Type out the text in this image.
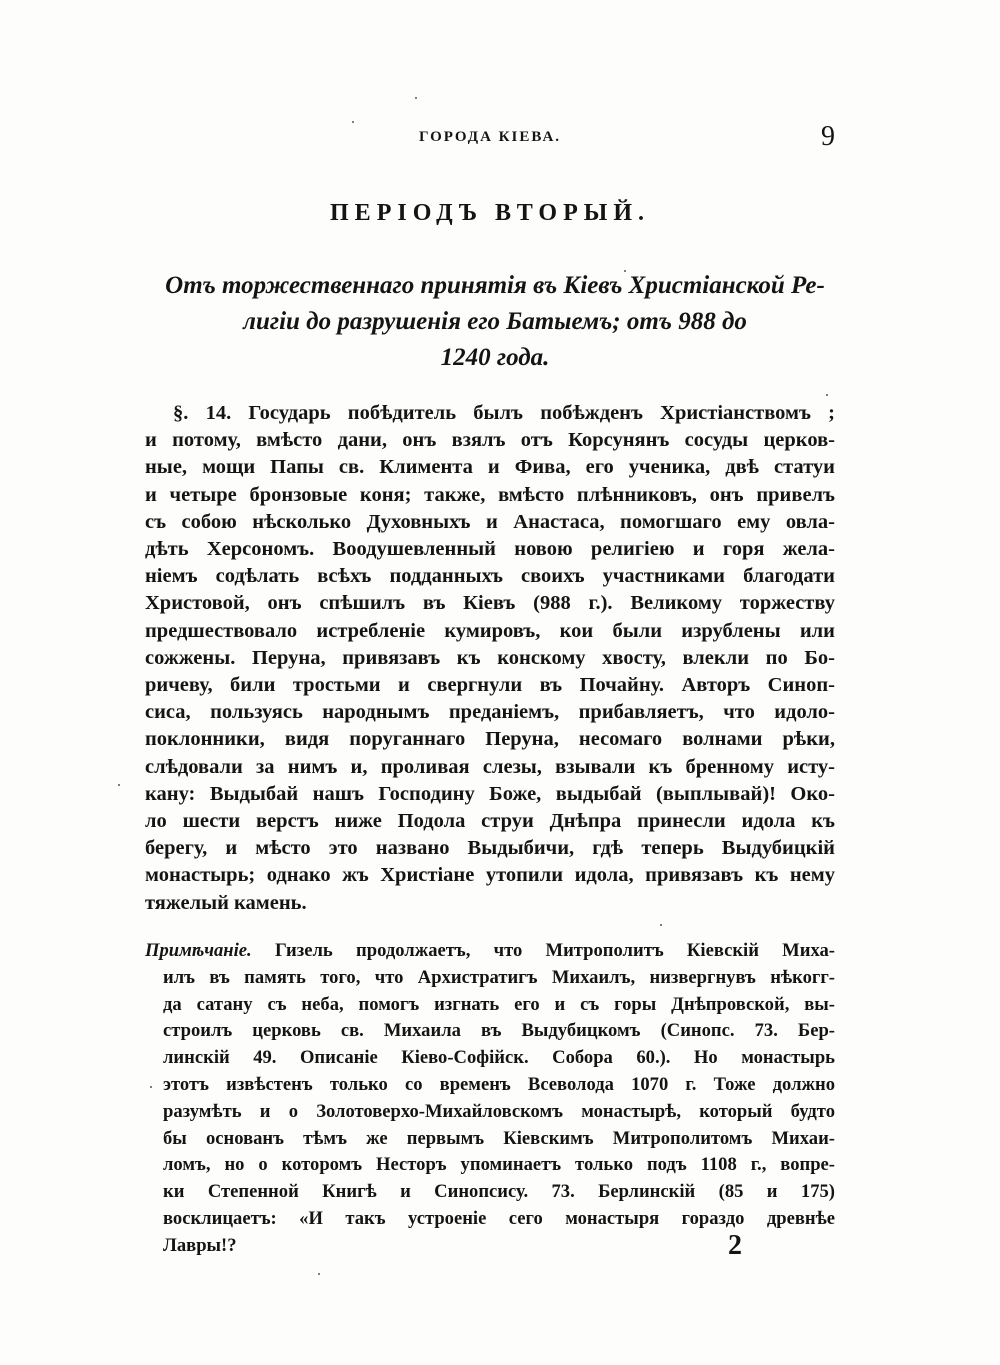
ГОРОДА КІЕВА.	9
ПЕРІОДЪ ВТОРЫЙ.
Отъ торжественнаго принятія въ Кіевъ Христіанской Ре-
лигіи до разрушенія его Батыемъ; отъ 988 до
1240 года.
§. 14. Государь побѣдитель былъ побѣжденъ Христіанствомъ ;
и потому, вмѣсто дани, онъ взялъ отъ Корсунянъ сосуды церков-
ные, мощи Папы св. Климента и Фива, его ученика, двѣ статуи
и четыре бронзовые коня; также, вмѣсто плѣнниковъ, онъ привелъ
съ собою нѣсколько Духовныхъ и Анастаса, помогшаго ему овла-
дѣть Херсономъ. Воодушевленный новою религіею и горя жела-
ніемъ содѣлать всѣхъ подданныхъ своихъ участниками благодати
Христовой, онъ спѣшилъ въ Кіевъ (988 г.). Великому торжеству
предшествовало истребленіе кумировъ, кои были изрублены или
сожжены. Перуна, привязавъ къ конскому хвосту, влекли по Бо-
ричеву, били тростьми и свергнули въ Почайну. Авторъ Синоп-
сиса, пользуясь народнымъ преданіемъ, прибавляетъ, что идоло-
поклонники, видя поруганнаго Перуна, несомаго волнами рѣки,
слѣдовали за нимъ и, проливая слезы, взывали къ бренному исту-
кану: Выдыбай нашъ Господину Боже, выдыбай (выплывай)! Око-
ло шести верстъ ниже Подола струи Днѣпра принесли идола къ
берегу, и мѣсто это названо Выдыбичи, гдѣ теперь Выдубицкій
монастырь; однако жъ Христіане утопили идола, привязавъ къ нему
тяжелый камень.
Примѣчаніе. Гизель продолжаетъ, что Митрополитъ Кіевскій Миха-
илъ въ память того, что Архистратигъ Михаилъ, низвергнувъ нѣкогг-
да сатану съ неба, помогъ изгнать его и съ горы Днѣпровской, вы-
строилъ церковь св. Михаила въ Выдубицкомъ (Синопс. 73. Бер-
линскій 49. Описаніе Кіево-Софійск. Собора 60.). Но монастырь
этотъ извѣстенъ только со временъ Всеволода 1070 г. Тоже должно
разумѣть и о Золотоверхо-Михайловскомъ монастырѣ, который будто
бы основанъ тѣмъ же первымъ Кіевскимъ Митрополитомъ Михаи-
ломъ, но о которомъ Несторъ упоминаетъ только подъ 1108 г., вопре-
ки Степенной Книгѣ и Синопсису. 73. Берлинскій (85 и 175)
восклицаетъ: «И такъ устроеніе сего монастыря гораздо древнѣе
Лавры!?	2
